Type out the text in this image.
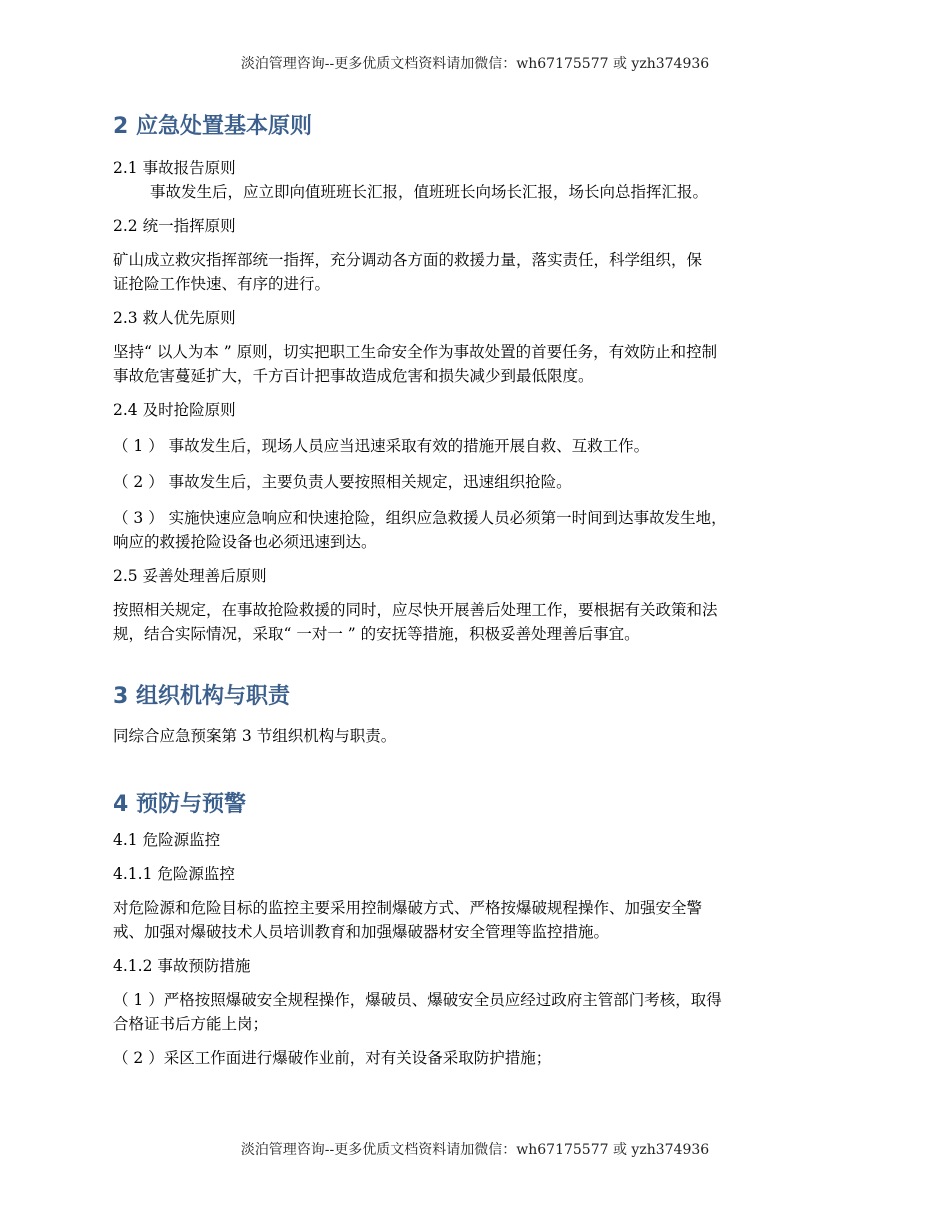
淡泊管理咨询--更多优质文档资料请加微信：wh67175577 或 yzh374936
2 应急处置基本原则

2.1 事故报告原则

事故发生后，应立即向值班班长汇报，值班班长向场长汇报，场长向总指挥汇报。

2.2 统一指挥原则

矿山成立救灾指挥部统一指挥，充分调动各方面的救援力量，落实责任，科学组织，保
证抢险工作快速、有序的进行。

2.3 救人优先原则

坚持“ 以人为本 ” 原则，切实把职工生命安全作为事故处置的首要任务，有效防止和控制
事故危害蔓延扩大，千方百计把事故造成危害和损失减少到最低限度。

2.4 及时抢险原则

（ 1 ） 事故发生后，现场人员应当迅速采取有效的措施开展自救、互救工作。

（ 2 ） 事故发生后，主要负责人要按照相关规定，迅速组织抢险。

（ 3 ） 实施快速应急响应和快速抢险，组织应急救援人员必须第一时间到达事故发生地，
响应的救援抢险设备也必须迅速到达。

2.5 妥善处理善后原则

按照相关规定，在事故抢险救援的同时，应尽快开展善后处理工作，要根据有关政策和法
规，结合实际情况，采取“ 一对一 ” 的安抚等措施，积极妥善处理善后事宜。

3 组织机构与职责

同综合应急预案第 3 节组织机构与职责。

4 预防与预警

4.1 危险源监控

4.1.1 危险源监控

对危险源和危险目标的监控主要采用控制爆破方式、严格按爆破规程操作、加强安全警
戒、加强对爆破技术人员培训教育和加强爆破器材安全管理等监控措施。

4.1.2 事故预防措施

（ 1 ）严格按照爆破安全规程操作，爆破员、爆破安全员应经过政府主管部门考核，取得
合格证书后方能上岗；

（ 2 ）采区工作面进行爆破作业前，对有关设备采取防护措施；

淡泊管理咨询--更多优质文档资料请加微信：wh67175577 或 yzh374936
